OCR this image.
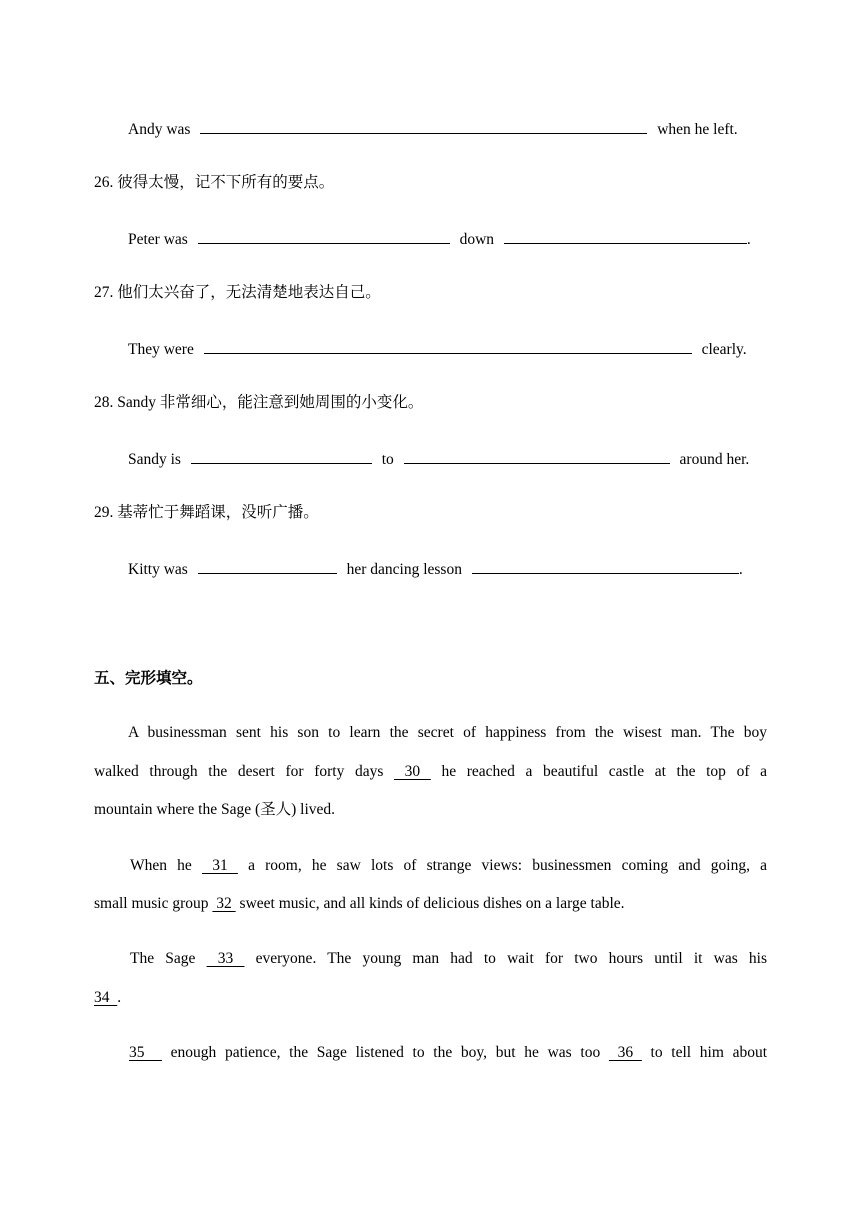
Andy was	when he left.
26. 彼得太慢，记不下所有的要点。
Peter was	down	.
27. 他们太兴奋了，无法清楚地表达自己。
They were	clearly.
28. Sandy 非常细心，能注意到她周围的小变化。
Sandy is	to	around her.
29. 基蒂忙于舞蹈课，没听广播。
Kitty was	her dancing lesson	.
五、完形填空。
A businessman sent his son to learn the secret of happiness from the wisest man. The boy
walked through the desert for forty days  30  he reached a beautiful castle at the top of a
mountain where the Sage (圣人) lived.
When he  31  a room, he saw lots of strange views: businessmen coming and going, a
small music group  32  sweet music, and all kinds of delicious dishes on a large table.
The Sage  33  everyone. The young man had to wait for two hours until it was his
34  .
35   enough patience, the Sage listened to the boy, but he was too  36  to tell him about
